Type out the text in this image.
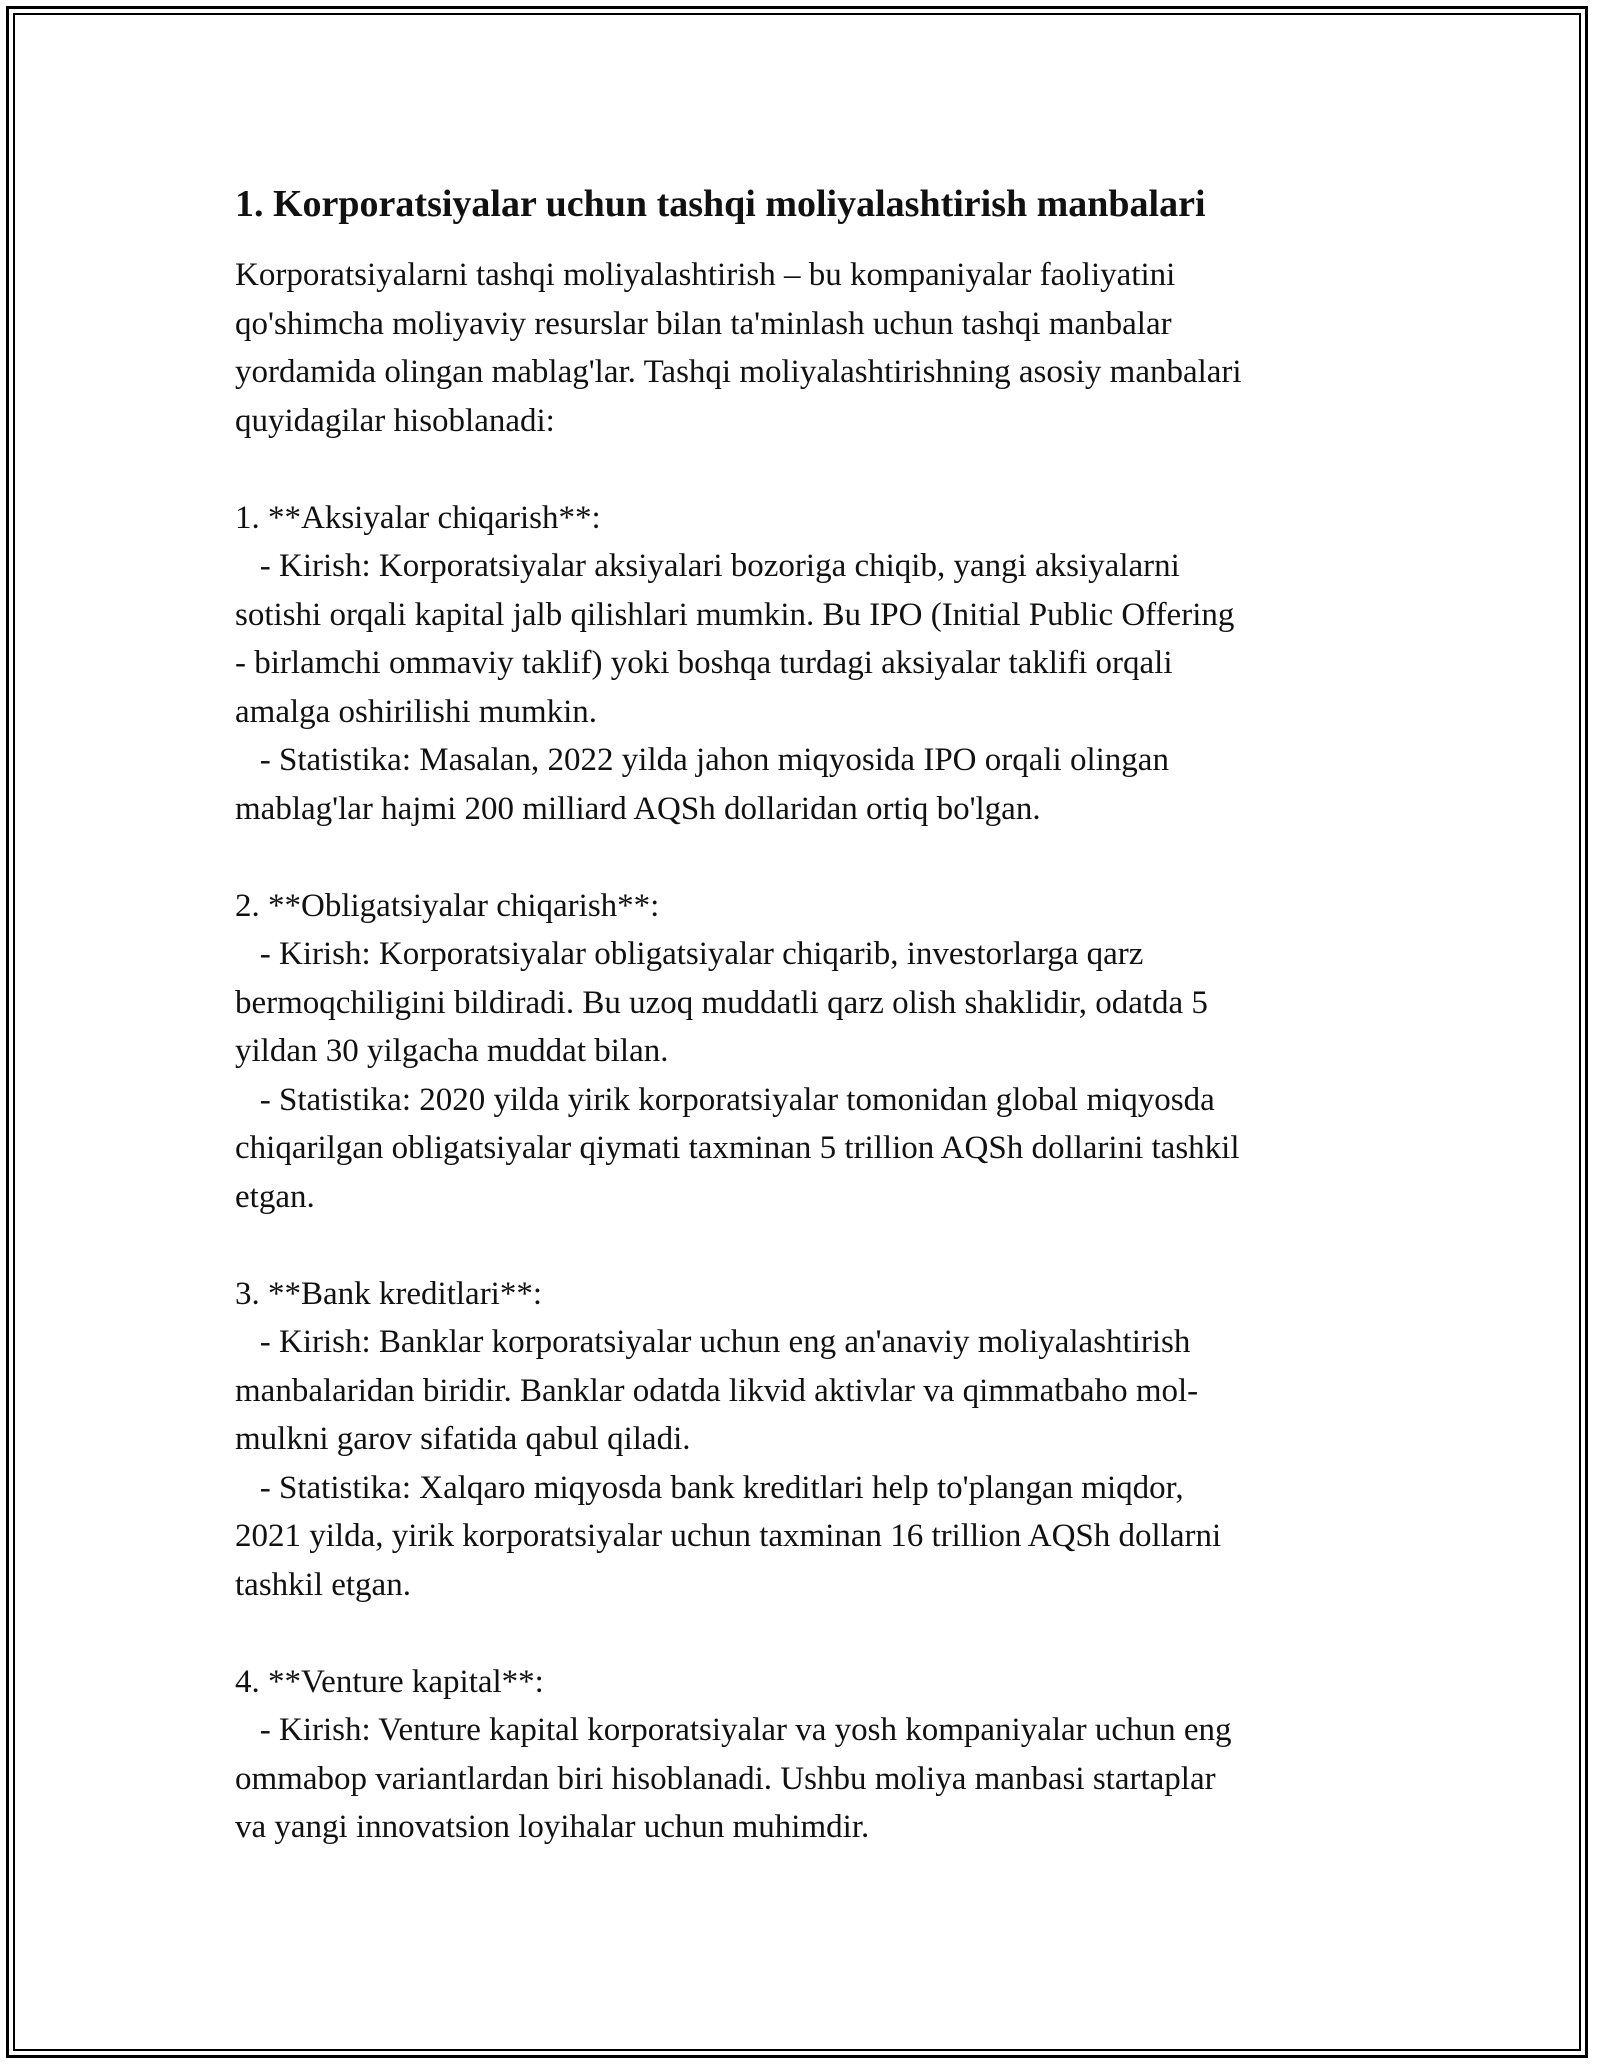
1. Korporatsiyalar uchun tashqi moliyalashtirish manbalari

Korporatsiyalarni tashqi moliyalashtirish – bu kompaniyalar faoliyatini
qo'shimcha moliyaviy resurslar bilan ta'minlash uchun tashqi manbalar
yordamida olingan mablag'lar. Tashqi moliyalashtirishning asosiy manbalari
quyidagilar hisoblanadi:

1. **Aksiyalar chiqarish**:
- Kirish: Korporatsiyalar aksiyalari bozoriga chiqib, yangi aksiyalarni
sotishi orqali kapital jalb qilishlari mumkin. Bu IPO (Initial Public Offering
- birlamchi ommaviy taklif) yoki boshqa turdagi aksiyalar taklifi orqali
amalga oshirilishi mumkin.
- Statistika: Masalan, 2022 yilda jahon miqyosida IPO orqali olingan
mablag'lar hajmi 200 milliard AQSh dollaridan ortiq bo'lgan.

2. **Obligatsiyalar chiqarish**:
- Kirish: Korporatsiyalar obligatsiyalar chiqarib, investorlarga qarz
bermoqchiligini bildiradi. Bu uzoq muddatli qarz olish shaklidir, odatda 5
yildan 30 yilgacha muddat bilan.
- Statistika: 2020 yilda yirik korporatsiyalar tomonidan global miqyosda
chiqarilgan obligatsiyalar qiymati taxminan 5 trillion AQSh dollarini tashkil
etgan.

3. **Bank kreditlari**:
- Kirish: Banklar korporatsiyalar uchun eng an'anaviy moliyalashtirish
manbalaridan biridir. Banklar odatda likvid aktivlar va qimmatbaho mol-
mulkni garov sifatida qabul qiladi.
- Statistika: Xalqaro miqyosda bank kreditlari help to'plangan miqdor,
2021 yilda, yirik korporatsiyalar uchun taxminan 16 trillion AQSh dollarni
tashkil etgan.

4. **Venture kapital**:
- Kirish: Venture kapital korporatsiyalar va yosh kompaniyalar uchun eng
ommabop variantlardan biri hisoblanadi. Ushbu moliya manbasi startaplar
va yangi innovatsion loyihalar uchun muhimdir.
